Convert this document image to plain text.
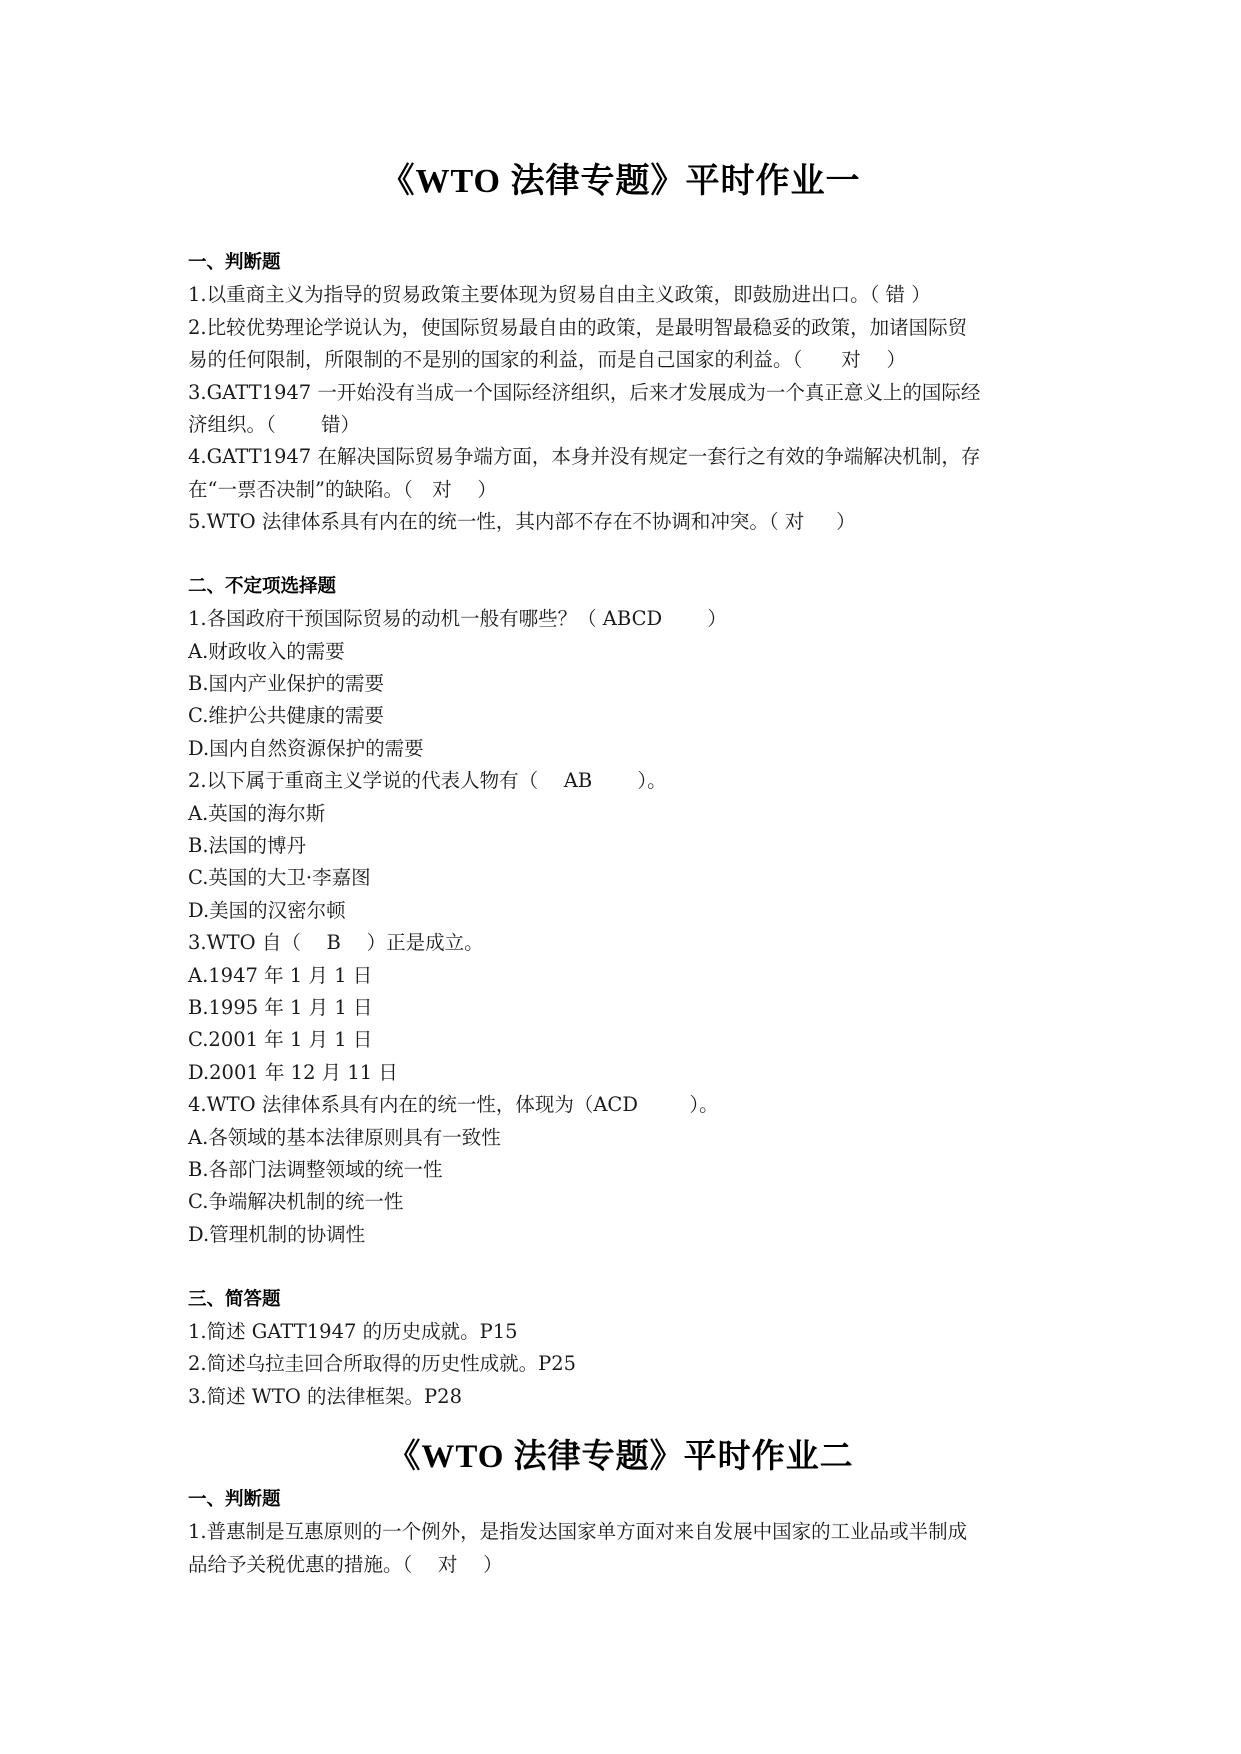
《WTO 法律专题》平时作业一
一、判断题
1.以重商主义为指导的贸易政策主要体现为贸易自由主义政策，即鼓励进出口。（ 错 ）
2.比较优势理论学说认为，使国际贸易最自由的政策，是最明智最稳妥的政策，加诸国际贸
易的任何限制，所限制的不是别的国家的利益，而是自己国家的利益。（　　对　 ）
3.GATT1947 一开始没有当成一个国际经济组织，后来才发展成为一个真正意义上的国际经
济组织。（　　 错）
4.GATT1947 在解决国际贸易争端方面，本身并没有规定一套行之有效的争端解决机制，存
在“一票否决制”的缺陷。（　对　 ）
5.WTO 法律体系具有内在的统一性，其内部不存在不协调和冲突。（ 对 　 ）
二、不定项选择题
1.各国政府干预国际贸易的动机一般有哪些？（ ABCD 　　）
A.财政收入的需要
B.国内产业保护的需要
C.维护公共健康的需要
D.国内自然资源保护的需要
2.以下属于重商主义学说的代表人物有（ 　AB 　　）。
A.英国的海尔斯
B.法国的博丹
C.英国的大卫·李嘉图
D.美国的汉密尔顿
3.WTO 自（ 　B 　）正是成立。
A.1947 年 1 月 1 日
B.1995 年 1 月 1 日
C.2001 年 1 月 1 日
D.2001 年 12 月 11 日
4.WTO 法律体系具有内在的统一性，体现为（ACD 　　 ）。
A.各领域的基本法律原则具有一致性
B.各部门法调整领域的统一性
C.争端解决机制的统一性
D.管理机制的协调性
三、简答题
1.简述 GATT1947 的历史成就。P15
2.简述乌拉圭回合所取得的历史性成就。P25
3.简述 WTO 的法律框架。P28
《WTO 法律专题》平时作业二
一、判断题
1.普惠制是互惠原则的一个例外，是指发达国家单方面对来自发展中国家的工业品或半制成
品给予关税优惠的措施。（ 　对 　）
